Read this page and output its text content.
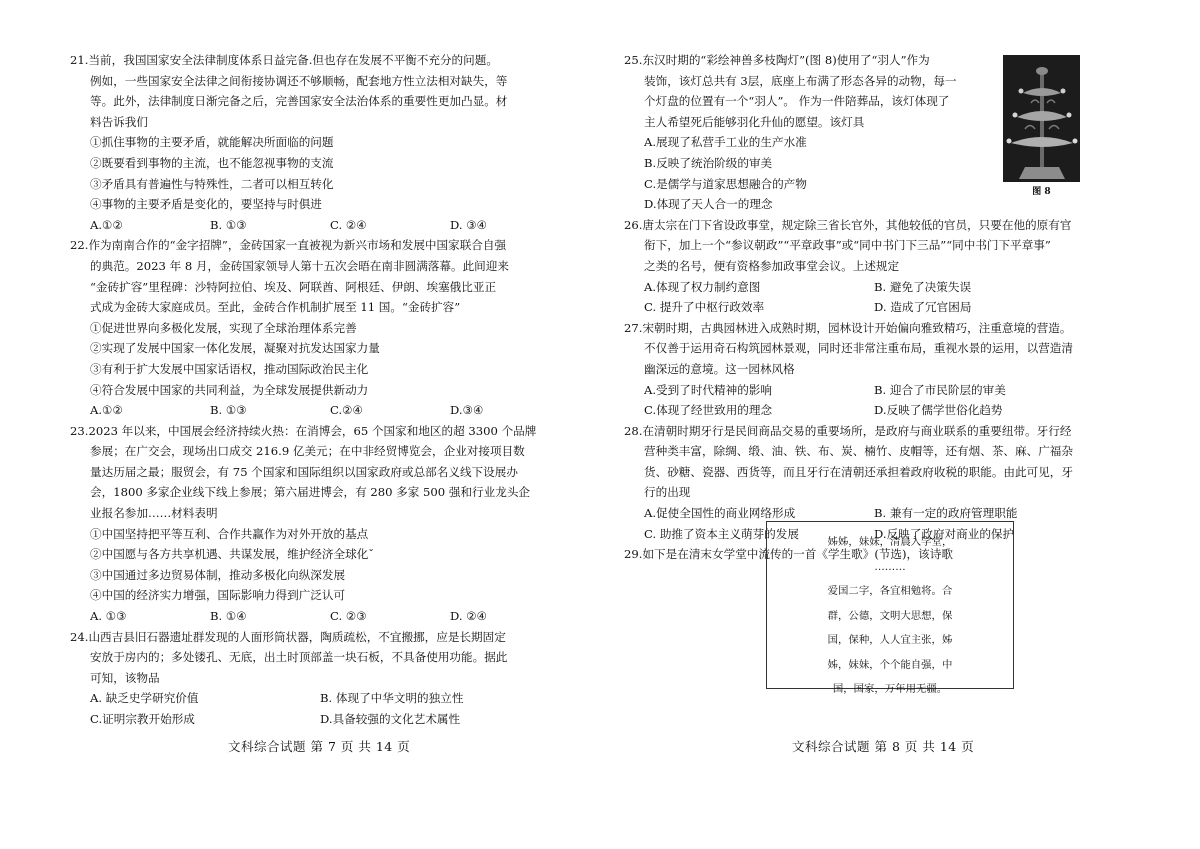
21.当前，我国国家安全法律制度体系日益完备.但也存在发展不平衡不充分的问题。
例如，一些国家安全法律之间衔接协调还不够顺畅，配套地方性立法相对缺失，等
等。此外，法律制度日渐完备之后，完善国家安全法治体系的重要性更加凸显。材
料告诉我们
①抓住事物的主要矛盾，就能解决所面临的问题
②既要看到事物的主流，也不能忽视事物的支流
③矛盾具有普遍性与特殊性，二者可以相互转化
④事物的主要矛盾是变化的，要坚持与时俱进
A.①②	B. ①③	C. ②④	D. ③④
22.作为南南合作的“金字招牌”，金砖国家一直被视为新兴市场和发展中国家联合自强
的典范。2023 年 8 月，金砖国家领导人第十五次会晤在南非圆满落幕。此间迎来
“金砖扩容”里程碑：沙特阿拉伯、埃及、阿联酋、阿根廷、伊朗、埃塞俄比亚正
式成为金砖大家庭成员。至此，金砖合作机制扩展至 11 国。“金砖扩容”
①促进世界向多极化发展，实现了全球治理体系完善
②实现了发展中国家一体化发展，凝聚对抗发达国家力量
③有利于扩大发展中国家话语权，推动国际政治民主化
④符合发展中国家的共同利益，为全球发展提供新动力
A.①②	B. ①③	C.②④	D.③④
23.2023 年以来，中国展会经济持续火热：在消博会，65 个国家和地区的超 3300 个品牌
参展；在广交会，现场出口成交 216.9 亿美元；在中非经贸博览会，企业对接项目数
量达历届之最；服贸会，有 75 个国家和国际组织以国家政府或总部名义线下设展办
会，1800 多家企业线下线上参展；第六届进博会，有 280 多家 500 强和行业龙头企
业报名参加……材料表明
①中国坚持把平等互利、合作共赢作为对外开放的基点
②中国愿与各方共享机遇、共谋发展，维护经济全球化ˇ
③中国通过多边贸易体制，推动多极化向纵深发展
④中国的经济实力增强，国际影响力得到广泛认可
A. ①③	B. ①④	C. ②③	D. ②④
24.山西吉县旧石器遗址群发现的人面形筒状器，陶质疏松，不宜搬挪，应是长期固定
安放于房内的；多处镂孔、无底，出土时顶部盖一块石板，不具备使用功能。据此
可知，该物品
A. 缺乏史学研究价值	B. 体现了中华文明的独立性
C.证明宗教开始形成	D.具备较强的文化艺术属性
文科综合试题 第 7 页 共 14 页
25.东汉时期的“彩绘神兽多枝陶灯”(图 8)使用了“羽人”作为
装饰，该灯总共有 3层，底座上布满了形态各异的动物，每一
个灯盘的位置有一个“羽人”。 作为一件陪葬品，该灯体现了
主人希望死后能够羽化升仙的愿望。该灯具
A.展现了私营手工业的生产水准
B.反映了统治阶级的审美
C.是儒学与道家思想融合的产物
D.体现了天人合一的理念
26.唐太宗在门下省设政事堂，规定除三省长官外，其他较低的官员，只要在他的原有官
衔下，加上一个“参议朝政”“平章政事”或“同中书门下三品”“同中书门下平章事”
之类的名号，便有资格参加政事堂会议。上述规定
A.体现了权力制约意图	B. 避免了决策失误
C. 提升了中枢行政效率	D. 造成了冗官困局
27.宋朝时期，古典园林进入成熟时期，园林设计开始偏向雅致精巧，注重意境的营造。
不仅善于运用奇石构筑园林景观，同时还非常注重布局，重视水景的运用，以营造清
幽深远的意境。这一园林风格
A.受到了时代精神的影响	B. 迎合了市民阶层的审美
C.体现了经世致用的理念	D.反映了儒学世俗化趋势
28.在清朝时期牙行是民间商品交易的重要场所，是政府与商业联系的重要纽带。牙行经
营种类丰富，除绸、缎、油、铁、布、炭、楠竹、皮帽等，还有烟、茶、麻、广福杂
货、砂糖、瓷器、西货等，而且牙行在清朝还承担着政府收税的职能。由此可见，牙
行的出现
A.促使全国性的商业网络形成	B. 兼有一定的政府管理职能
C. 助推了资本主义萌芽的发展	D.反映了政府对商业的保护
29.如下是在清末女学堂中流传的一首《学生歌》(节选)，该诗歌
图 8
姊姊，妹妹，清晨入学堂，
………
爱国二字，各宜相勉将。合
群，公德，文明大思想，保
国，保种，人人宜主张，姊
姊，妹妹，个个能自强，中
国，国家，万年用无疆。
文科综合试题 第 8 页 共 14 页
